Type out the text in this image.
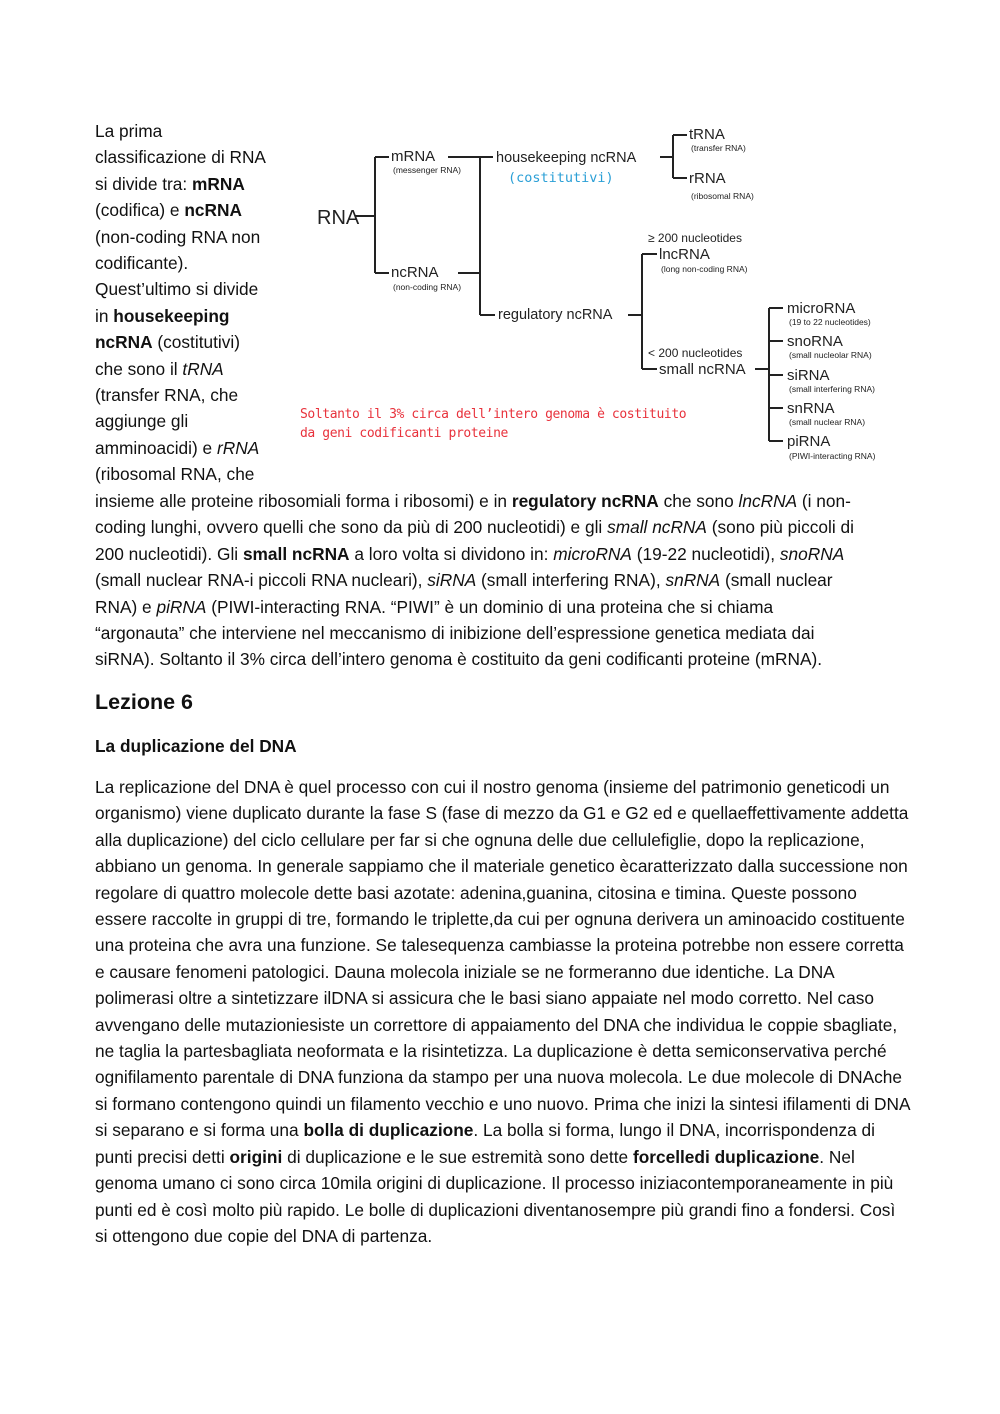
La prima
classificazione di RNA
si divide tra: mRNA
(codifica) e ncRNA
(non-coding RNA non
codificante).
Quest’ultimo si divide
in housekeeping
ncRNA (costitutivi)
che sono il tRNA
(transfer RNA, che
aggiunge gli
amminoacidi) e rRNA
(ribosomal RNA, che
RNA
mRNA
(messenger RNA)
ncRNA
(non-coding RNA)
housekeeping ncRNA
(costitutivi)
tRNA
(transfer RNA)
rRNA
(ribosomal RNA)
regulatory ncRNA
≥ 200 nucleotides
lncRNA
(long non-coding RNA)
< 200 nucleotides
small ncRNA
microRNA
(19 to 22 nucleotides)
snoRNA
(small nucleolar RNA)
siRNA
(small interfering RNA)
snRNA
(small nuclear RNA)
piRNA
(PIWI-interacting RNA)
Soltanto il 3% circa dell’intero genoma è costituito
da geni codificanti proteine
insieme alle proteine ribosomiali forma i ribosomi) e in regulatory ncRNA che sono lncRNA (i non-
coding lunghi, ovvero quelli che sono da più di 200 nucleotidi) e gli small ncRNA (sono più piccoli di
200 nucleotidi). Gli small ncRNA a loro volta si dividono in: microRNA (19-22 nucleotidi), snoRNA
(small nuclear RNA-i piccoli RNA nucleari), siRNA (small interfering RNA), snRNA (small nuclear
RNA) e piRNA (PIWI-interacting RNA. “PIWI” è un dominio di una proteina che si chiama
“argonauta” che interviene nel meccanismo di inibizione dell’espressione genetica mediata dai
siRNA). Soltanto il 3% circa dell’intero genoma è costituito da geni codificanti proteine (mRNA).
Lezione 6
La duplicazione del DNA
La replicazione del DNA è quel processo con cui il nostro genoma (insieme del patrimonio geneticodi un organismo) viene duplicato durante la fase S (fase di mezzo da G1 e G2 ed e quellaeffettivamente addetta alla duplicazione) del ciclo cellulare per far si che ognuna delle due cellulefiglie, dopo la replicazione, abbiano un genoma. In generale sappiamo che il materiale genetico ècaratterizzato dalla successione non regolare di quattro molecole dette basi azotate: adenina,guanina, citosina e timina. Queste possono essere raccolte in gruppi di tre, formando le triplette,da cui per ognuna derivera un aminoacido costituente una proteina che avra una funzione. Se talesequenza cambiasse la proteina potrebbe non essere corretta e causare fenomeni patologici. Dauna molecola iniziale se ne formeranno due identiche. La DNA polimerasi oltre a sintetizzare ilDNA si assicura che le basi siano appaiate nel modo corretto. Nel caso avvengano delle mutazioniesiste un correttore di appaiamento del DNA che individua le coppie sbagliate, ne taglia la partesbagliata neoformata e la risintetizza. La duplicazione è detta semiconservativa perché ognifilamento parentale di DNA funziona da stampo per una nuova molecola. Le due molecole di DNAche si formano contengono quindi un filamento vecchio e uno nuovo. Prima che inizi la sintesi ifilamenti di DNA si separano e si forma una bolla di duplicazione. La bolla si forma, lungo il DNA, incorrispondenza di punti precisi detti origini di duplicazione e le sue estremità sono dette forcelledi duplicazione. Nel genoma umano ci sono circa 10mila origini di duplicazione. Il processo iniziacontemporaneamente in più punti ed è così molto più rapido. Le bolle di duplicazioni diventanosempre più grandi fino a fondersi. Così si ottengono due copie del DNA di partenza.
